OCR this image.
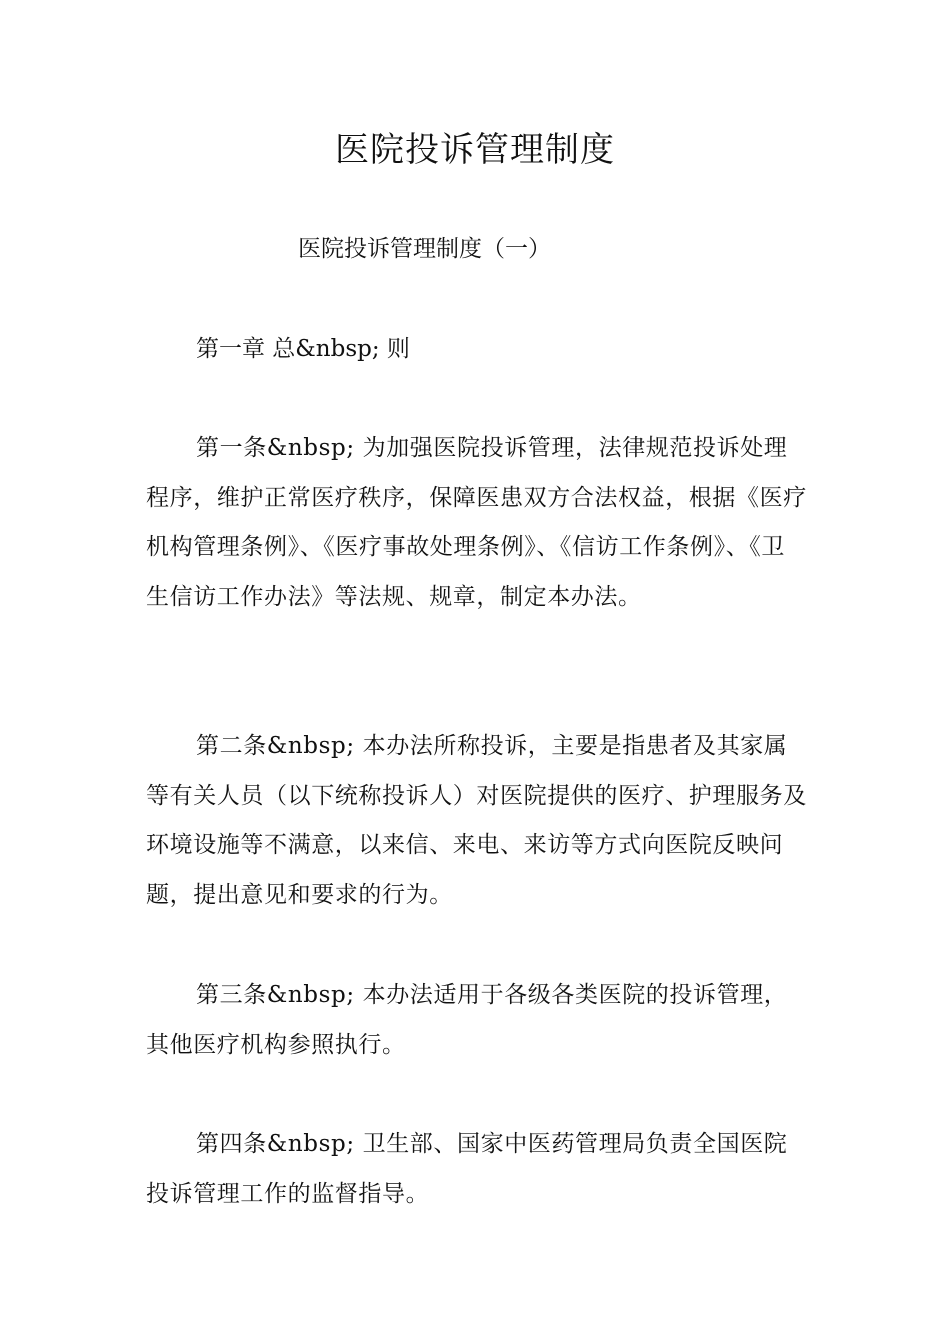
医院投诉管理制度

医院投诉管理制度（一）

第一章 总&nbsp; 则

第一条&nbsp; 为加强医院投诉管理，法律规范投诉处理程序，维护正常医疗秩序，保障医患双方合法权益，根据《医疗机构管理条例》、《医疗事故处理条例》、《信访工作条例》、《卫生信访工作办法》等法规、规章，制定本办法。

第二条&nbsp; 本办法所称投诉，主要是指患者及其家属等有关人员（以下统称投诉人）对医院提供的医疗、护理服务及环境设施等不满意，以来信、来电、来访等方式向医院反映问题，提出意见和要求的行为。

第三条&nbsp; 本办法适用于各级各类医院的投诉管理，其他医疗机构参照执行。

第四条&nbsp; 卫生部、国家中医药管理局负责全国医院投诉管理工作的监督指导。
